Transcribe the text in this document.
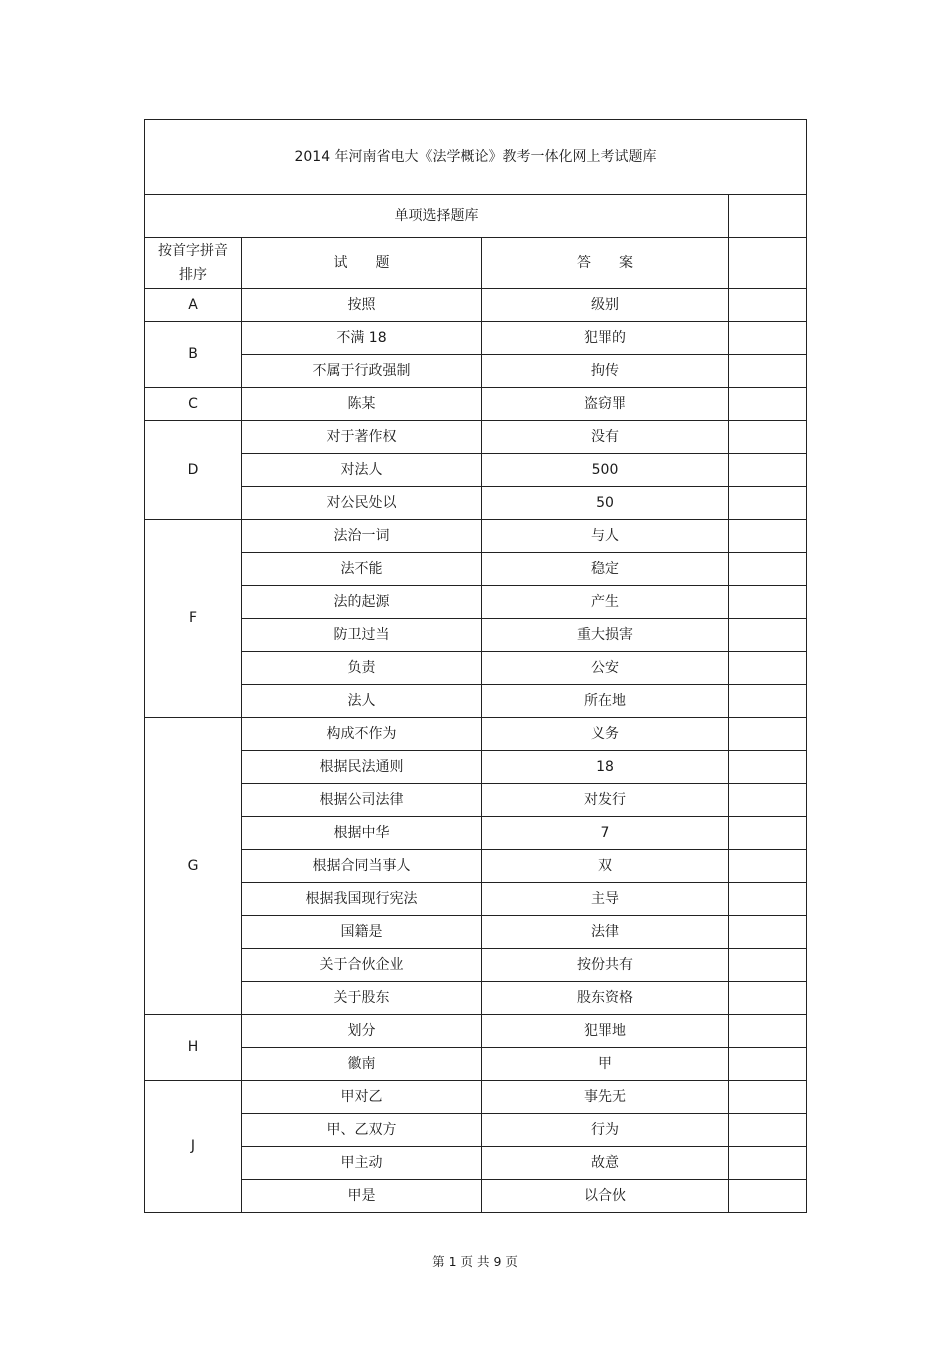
2014 年河南省电大《法学概论》教考一体化网上考试题库			
单项选择题库			

按首字拼音
排序	试　　题	答　　案	
A	按照	级别	
B	不满 18	犯罪的	
	不属于行政强制	拘传	
C	陈某	盗窃罪	
D	对于著作权	没有	
	对法人	500	
	对公民处以	50	
F	法治一词	与人	
	法不能	稳定	
	法的起源	产生	
	防卫过当	重大损害	
	负责	公安	
	法人	所在地	
G	构成不作为	义务	
	根据民法通则	18	
	根据公司法律	对发行	
	根据中华	7	
	根据合同当事人	双	
	根据我国现行宪法	主导	
	国籍是	法律	
	关于合伙企业	按份共有	
	关于股东	股东资格	
H	划分	犯罪地	
	徽南	甲	
J	甲对乙	事先无	
	甲、乙双方	行为	
	甲主动	故意	
	甲是	以合伙	
第 1 页 共 9 页
